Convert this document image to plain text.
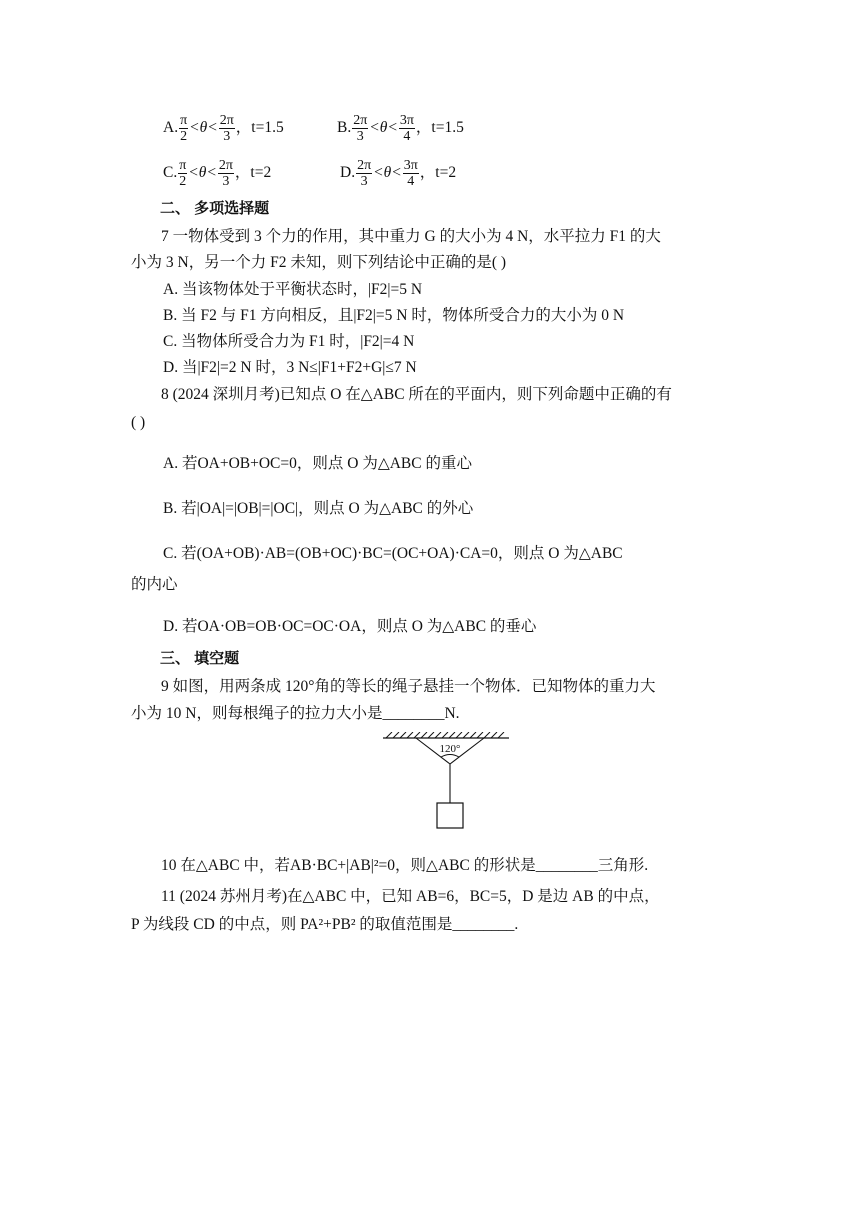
A. $\frac{\pi}{2} <\theta< \frac{2\pi}{3}$ ，t=1.5	B. $\frac{2\pi}{3} <\theta< \frac{3\pi}{4}$ ，t=1.5
C. $\frac{\pi}{2} <\theta< \frac{2\pi}{3}$ ，t=2	D. $\frac{2\pi}{3} <\theta< \frac{3\pi}{4}$ ，t=2
二、 多项选择题
7 一物体受到 3 个力的作用，其中重力 G 的大小为 4 N，水平拉力 F1 的大
小为 3 N，另一个力 F2 未知，则下列结论中正确的是( )
A. 当该物体处于平衡状态时，|F2|=5 N
B. 当 F2 与 F1 方向相反，且|F2|=5 N 时，物体所受合力的大小为 0 N
C. 当物体所受合力为 F1 时，|F2|=4 N
D. 当|F2|=2 N 时，3 N≤|F1+F2+G|≤7 N
8 (2024 深圳月考)已知点 O 在△ABC 所在的平面内，则下列命题中正确的有
( )
A. 若OA+OB+OC=0，则点 O 为△ABC 的重心
B. 若|OA|=|OB|=|OC|，则点 O 为△ABC 的外心
C. 若(OA+OB)·AB=(OB+OC)·BC=(OC+OA)·CA=0，则点 O 为△ABC
的内心
D. 若OA·OB=OB·OC=OC·OA，则点 O 为△ABC 的垂心
三、 填空题
9 如图，用两条成 120°角的等长的绳子悬挂一个物体．已知物体的重力大
小为 10 N，则每根绳子的拉力大小是________N.
120°
10 在△ABC 中，若AB·BC+|AB|²=0，则△ABC 的形状是________三角形.
11 (2024 苏州月考)在△ABC 中，已知 AB=6，BC=5，D 是边 AB 的中点，
P 为线段 CD 的中点，则 PA²+PB² 的取值范围是________.
